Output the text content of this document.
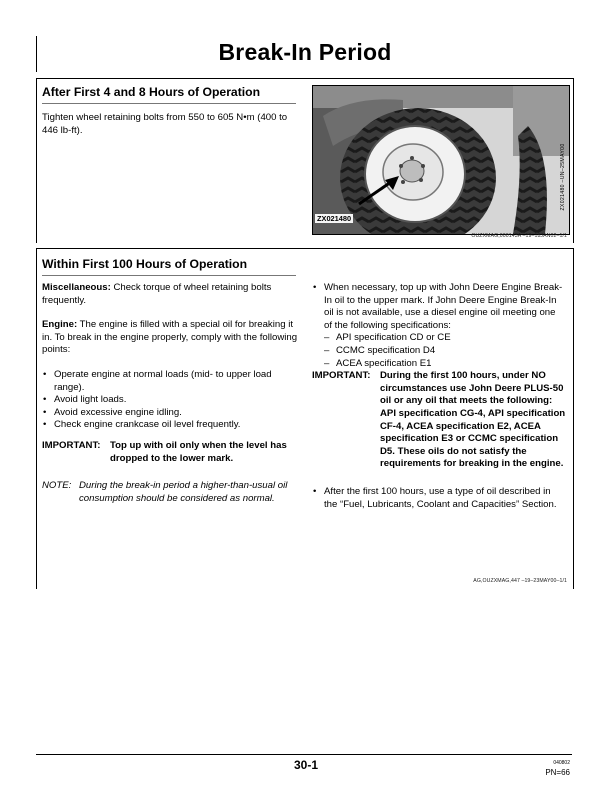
Break-In Period
After First 4 and 8 Hours of Operation
Tighten wheel retaining bolts from 550 to 605 N•m (400 to 446 lb-ft).
ZX021480
ZX021480 –UN–25MAY00
OUZXMAG,000143A –19–18JAN02–1/1
Within First 100 Hours of Operation
Miscellaneous: Check torque of wheel retaining bolts frequently.
Engine: The engine is filled with a special oil for breaking it in. To break in the engine properly, comply with the following points:
• Operate engine at normal loads (mid- to upper load range).
• Avoid light loads.
• Avoid excessive engine idling.
• Check engine crankcase oil level frequently.
IMPORTANT: Top up with oil only when the level has dropped to the lower mark.
NOTE: During the break-in period a higher-than-usual oil consumption should be considered as normal.
• When necessary, top up with John Deere Engine Break-In oil to the upper mark. If John Deere Engine Break-In oil is not available, use a diesel engine oil meeting one of the following specifications:
– API specification CD or CE
– CCMC specification D4
– ACEA specification E1
IMPORTANT: During the first 100 hours, under NO circumstances use John Deere PLUS-50 oil or any oil that meets the following: API specification CG-4, API specification CF-4, ACEA specification E2, ACEA specification E3 or CCMC specification D5. These oils do not satisfy the requirements for breaking in the engine.
• After the first 100 hours, use a type of oil described in the “Fuel, Lubricants, Coolant and Capacities” Section.
AG,OUZXMAG,447 –19–23MAY00–1/1
30-1	040802
PN=66
